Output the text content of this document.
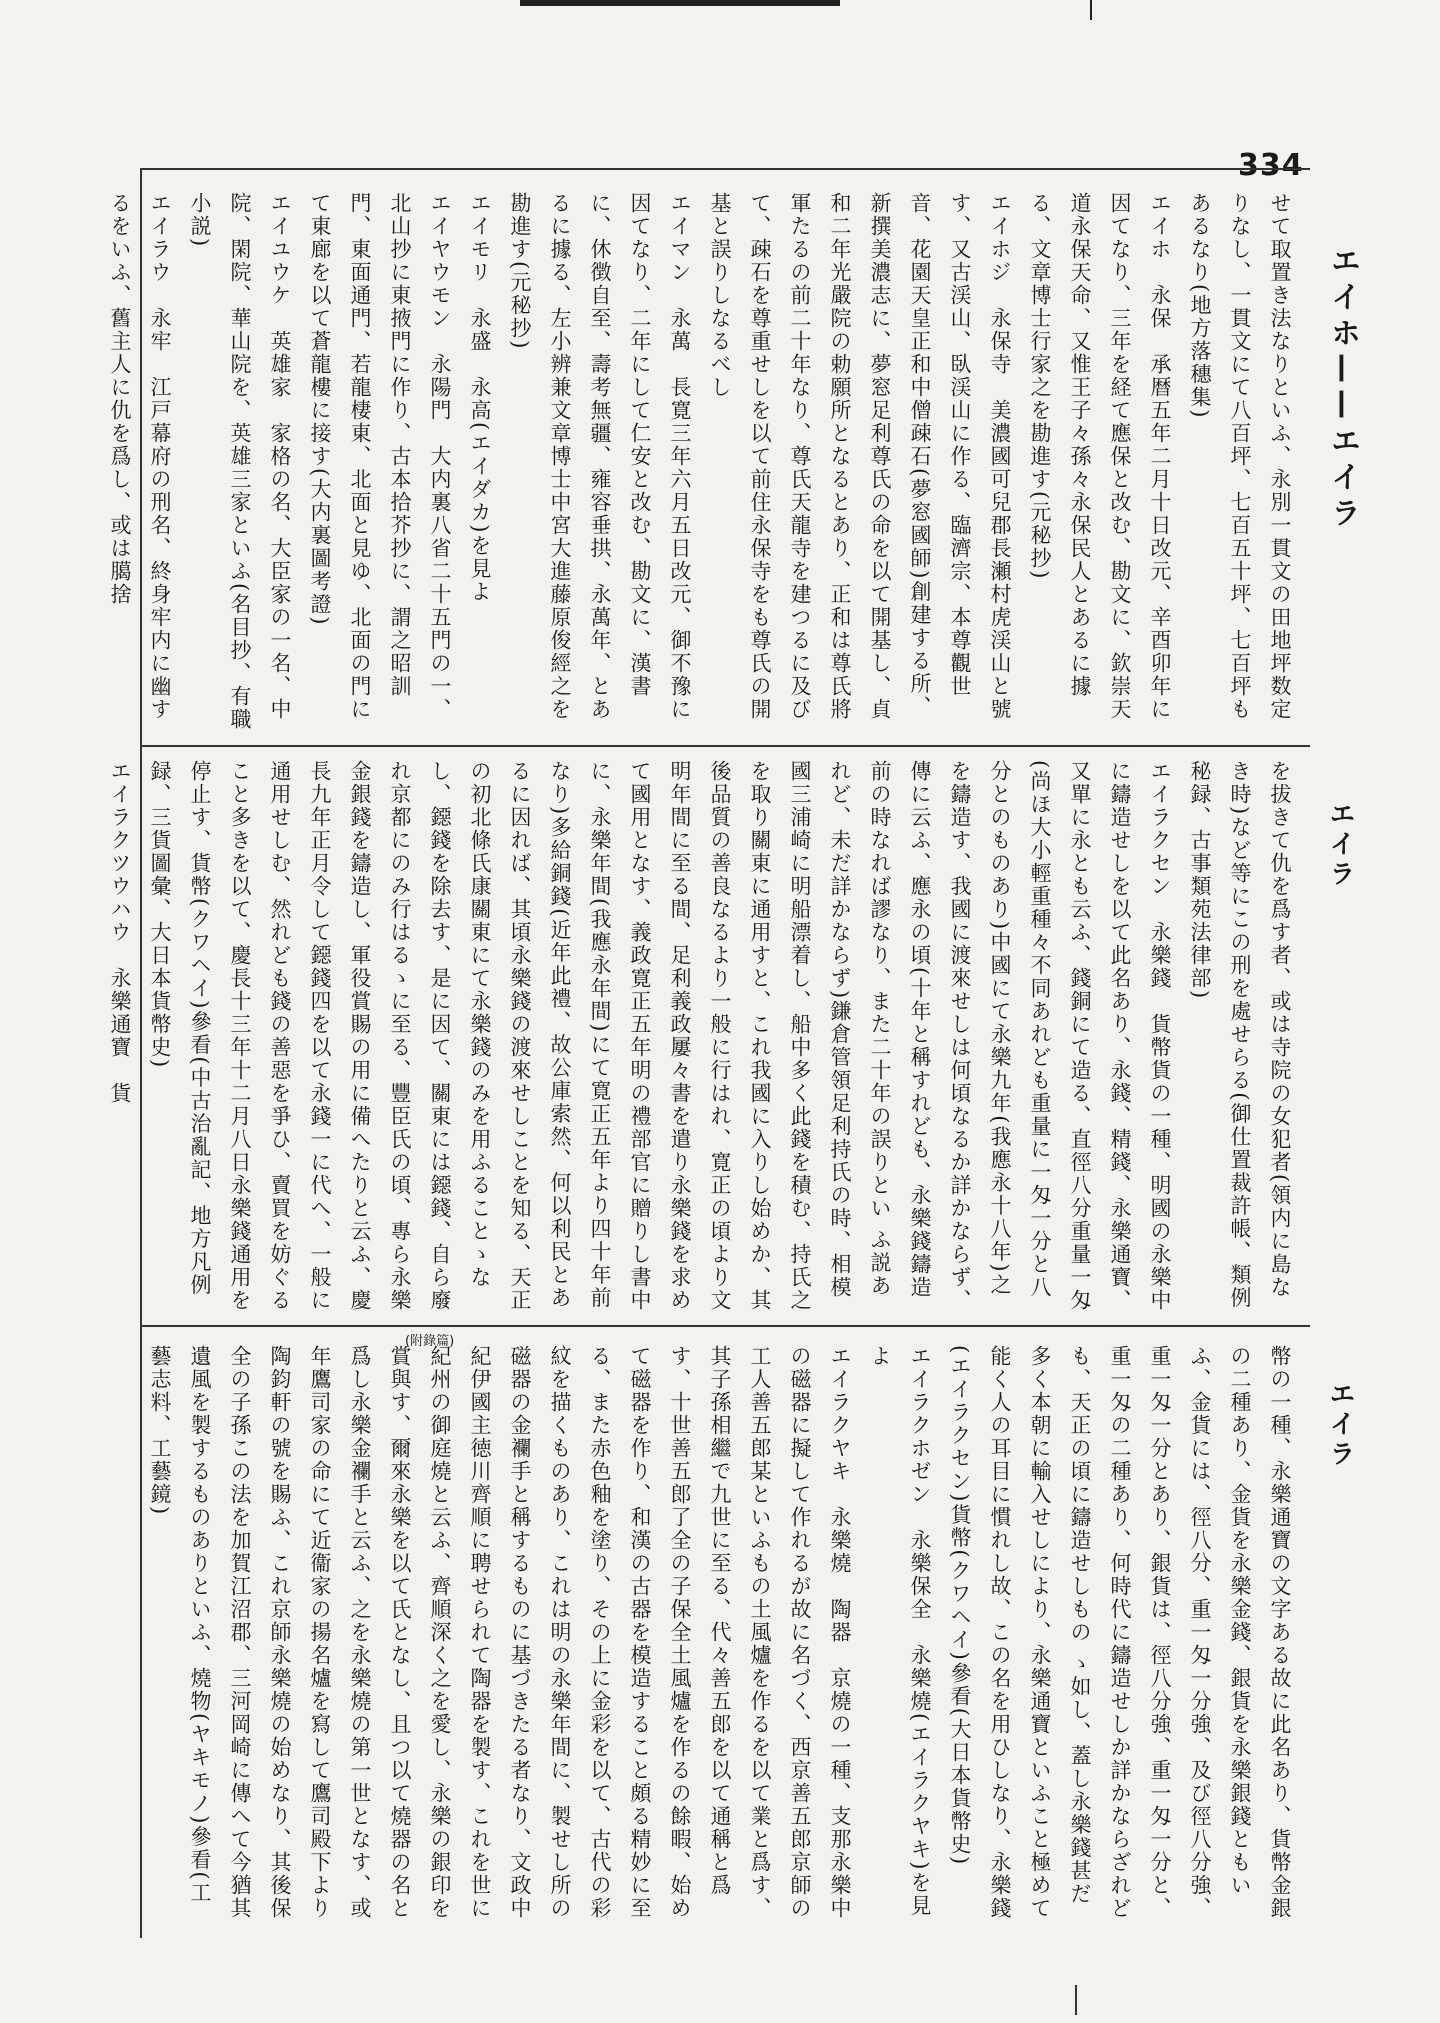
334
エイホ——エイラ
エイラ
エイラ
(附錄篇)
せて取置き法なりといふ、永別一貫文の田地坪数定りなし、一貫文にて八百坪、七百五十坪、七百坪もあるなり(地方落穗集)
エイホ　永保　承暦五年二月十日改元、辛酉卯年に因てなり、三年を経て應保と改む、勘文に、欽崇天道永保天命、又惟王子々孫々永保民人とあるに據る、文章博士行家之を勘進す(元秘抄)
エイホジ　永保寺　美濃國可兒郡長瀬村虎渓山と號す、又古渓山、臥渓山に作る、臨濟宗、本尊觀世音、花園天皇正和中僧疎石(夢窓國師)創建する所、新撰美濃志に、夢窓足利尊氏の命を以て開基し、貞和二年光嚴院の勅願所となるとあり、正和は尊氏將軍たるの前二十年なり、尊氏天龍寺を建つるに及びて、疎石を尊重せしを以て前住永保寺をも尊氏の開基と誤りしなるべし
エイマン　永萬　長寛三年六月五日改元、御不豫に因てなり、二年にして仁安と改む、勘文に、漢書に、休徴自至、壽考無疆、雍容垂拱、永萬年、とあるに據る、左小辨兼文章博士中宮大進藤原俊經之を勘進す(元秘抄)
エイモリ　永盛　永高(エイダカ)を見よ
エイヤウモン　永陽門　大内裏八省二十五門の一、北山抄に東掖門に作り、古本拾芥抄に、謂之昭訓門、東面通門、若龍棲東、北面と見ゆ、北面の門にて東廊を以て蒼龍樓に接す(大内裏圖考證)
エイユウケ　英雄家　家格の名、大臣家の一名、中院、閑院、華山院を、英雄三家といふ(名目抄、有職小説)
エイラウ　永牢　江戸幕府の刑名、終身牢内に幽するをいふ、舊主人に仇を爲し、或は臈捨
を拔きて仇を爲す者、或は寺院の女犯者(領内に島なき時)など等にこの刑を處せらる(御仕置裁許帳、類例秘録、古事類苑法律部)
エイラクセン　永樂錢　貨幣貨の一種、明國の永樂中に鑄造せしを以て此名あり、永錢、精錢、永樂通寶、又單に永とも云ふ、錢銅にて造る、直徑八分重量一匁(尚ほ大小輕重種々不同あれども重量に一匁一分と八分とのものあり)中國にて永樂九年(我應永十八年)之を鑄造す、我國に渡來せしは何頃なるか詳かならず、傳に云ふ、應永の頃(十年と稱すれども、永樂錢鑄造前の時なれば謬なり、また二十年の誤りとい ふ説あれど、未だ詳かならず)鎌倉管領足利持氏の時、相模國三浦崎に明船漂着し、船中多く此錢を積む、持氏之を取り關東に通用すと、これ我國に入りし始めか、其後品質の善良なるより一般に行はれ、寛正の頃より文明年間に至る間、足利義政屢々書を遣り永樂錢を求めて國用となす、義政寛正五年明の禮部官に贈りし書中に、永樂年間(我應永年間)にて寛正五年より四十年前なり)多給銅錢(近年此禮、故公庫索然、何以利民とあるに因れば、其頃永樂錢の渡來せしことを知る、天正の初北條氏康關東にて永樂錢のみを用ふることゝなし、鐚錢を除去す、是に因て、關東には鐚錢、自ら廢れ京都にのみ行はるゝに至る、豐臣氏の頃、專ら永樂金銀錢を鑄造し、軍役賞賜の用に備へたりと云ふ、慶長九年正月令して鐚錢四を以て永錢一に代へ、一般に通用せしむ、然れども錢の善惡を爭ひ、賣買を妨ぐること多きを以て、慶長十三年十二月八日永樂錢通用を停止す、貨幣(クワヘイ)參看(中古治亂記、地方凡例録、三貨圖彙、大日本貨幣史)
エイラクツウハウ　永樂通寶　貨
幣の一種、永樂通寶の文字ある故に此名あり、貨幣金銀の二種あり、金貨を永樂金錢、銀貨を永樂銀錢ともいふ、金貨には、徑八分、重一匁一分強、及び徑八分強、重一匁一分とあり、銀貨は、徑八分強、重一匁一分と、重一匁の二種あり、何時代に鑄造せしか詳かならざれども、天正の頃に鑄造せしもの ゝ如し、蓋し永樂錢甚だ多く本朝に輸入せしにより、永樂通寶といふこと極めて能く人の耳目に慣れし故、この名を用ひしなり、永樂錢(エイラクセン)貨幣(クワヘイ)參看(大日本貨幣史)
エイラクホゼン　永樂保全　永樂燒(エイラクヤキ)を見よ
エイラクヤキ　永樂燒　陶器　京燒の一種、支那永樂中の磁器に擬して作れるが故に名づく、西京善五郎京師の工人善五郎某といふもの土風爐を作るを以て業と爲す、其子孫相繼で九世に至る、代々善五郎を以て通稱と爲す、十世善五郎了全の子保全土風爐を作るの餘暇、始めて磁器を作り、和漢の古器を模造すること頗る精妙に至る、また赤色釉を塗り、その上に金彩を以て、古代の彩紋を描くものあり、これは明の永樂年間に、製せし所の磁器の金襴手と稱するものに基づきたる者なり、文政中紀伊國主徳川齊順に聘せられて陶器を製す、これを世に紀州の御庭燒と云ふ、齊順深く之を愛し、永樂の銀印を賞與す、爾來永樂を以て氏となし、且つ以て燒器の名と爲し永樂金襴手と云ふ、之を永樂燒の第一世となす、或年鷹司家の命にて近衞家の揚名爐を寫して鷹司殿下より陶鈞軒の號を賜ふ、これ京師永樂燒の始めなり、其後保全の子孫この法を加賀江沼郡、三河岡崎に傳へて今猶其遺風を製するものありといふ、燒物(ヤキモノ)參看(工藝志料、工藝鏡)
